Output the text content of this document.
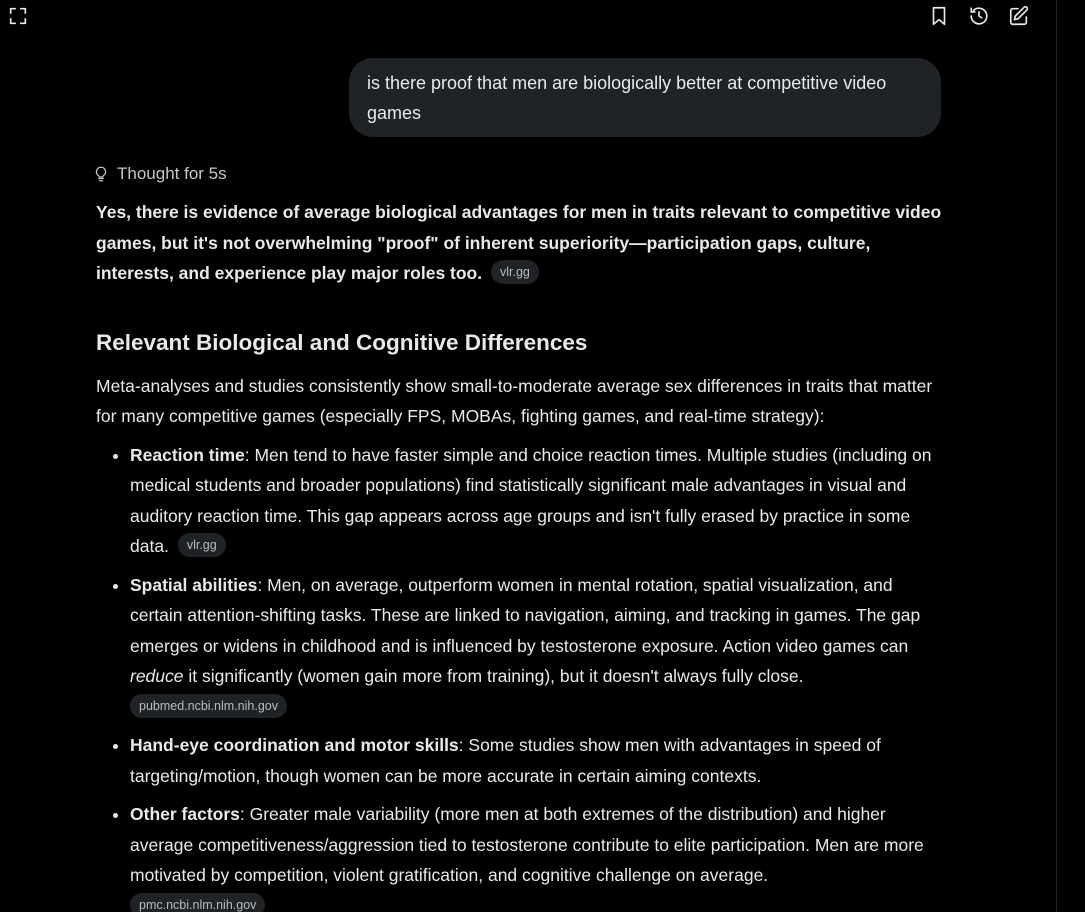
is there proof that men are biologically better at competitive video games
Thought for 5s

Yes, there is evidence of average biological advantages for men in traits relevant to competitive video games, but it's not overwhelming "proof" of inherent superiority—participation gaps, culture, interests, and experience play major roles too. vlr.gg

Relevant Biological and Cognitive Differences

Meta-analyses and studies consistently show small-to-moderate average sex differences in traits that matter for many competitive games (especially FPS, MOBAs, fighting games, and real-time strategy):

• Reaction time: Men tend to have faster simple and choice reaction times. Multiple studies (including on medical students and broader populations) find statistically significant male advantages in visual and auditory reaction time. This gap appears across age groups and isn't fully erased by practice in some data. vlr.gg
• Spatial abilities: Men, on average, outperform women in mental rotation, spatial visualization, and certain attention-shifting tasks. These are linked to navigation, aiming, and tracking in games. The gap emerges or widens in childhood and is influenced by testosterone exposure. Action video games can reduce it significantly (women gain more from training), but it doesn't always fully close.
pubmed.ncbi.nlm.nih.gov
• Hand-eye coordination and motor skills: Some studies show men with advantages in speed of targeting/motion, though women can be more accurate in certain aiming contexts.
• Other factors: Greater male variability (more men at both extremes of the distribution) and higher average competitiveness/aggression tied to testosterone contribute to elite participation. Men are more motivated by competition, violent gratification, and cognitive challenge on average.
pmc.ncbi.nlm.nih.gov
